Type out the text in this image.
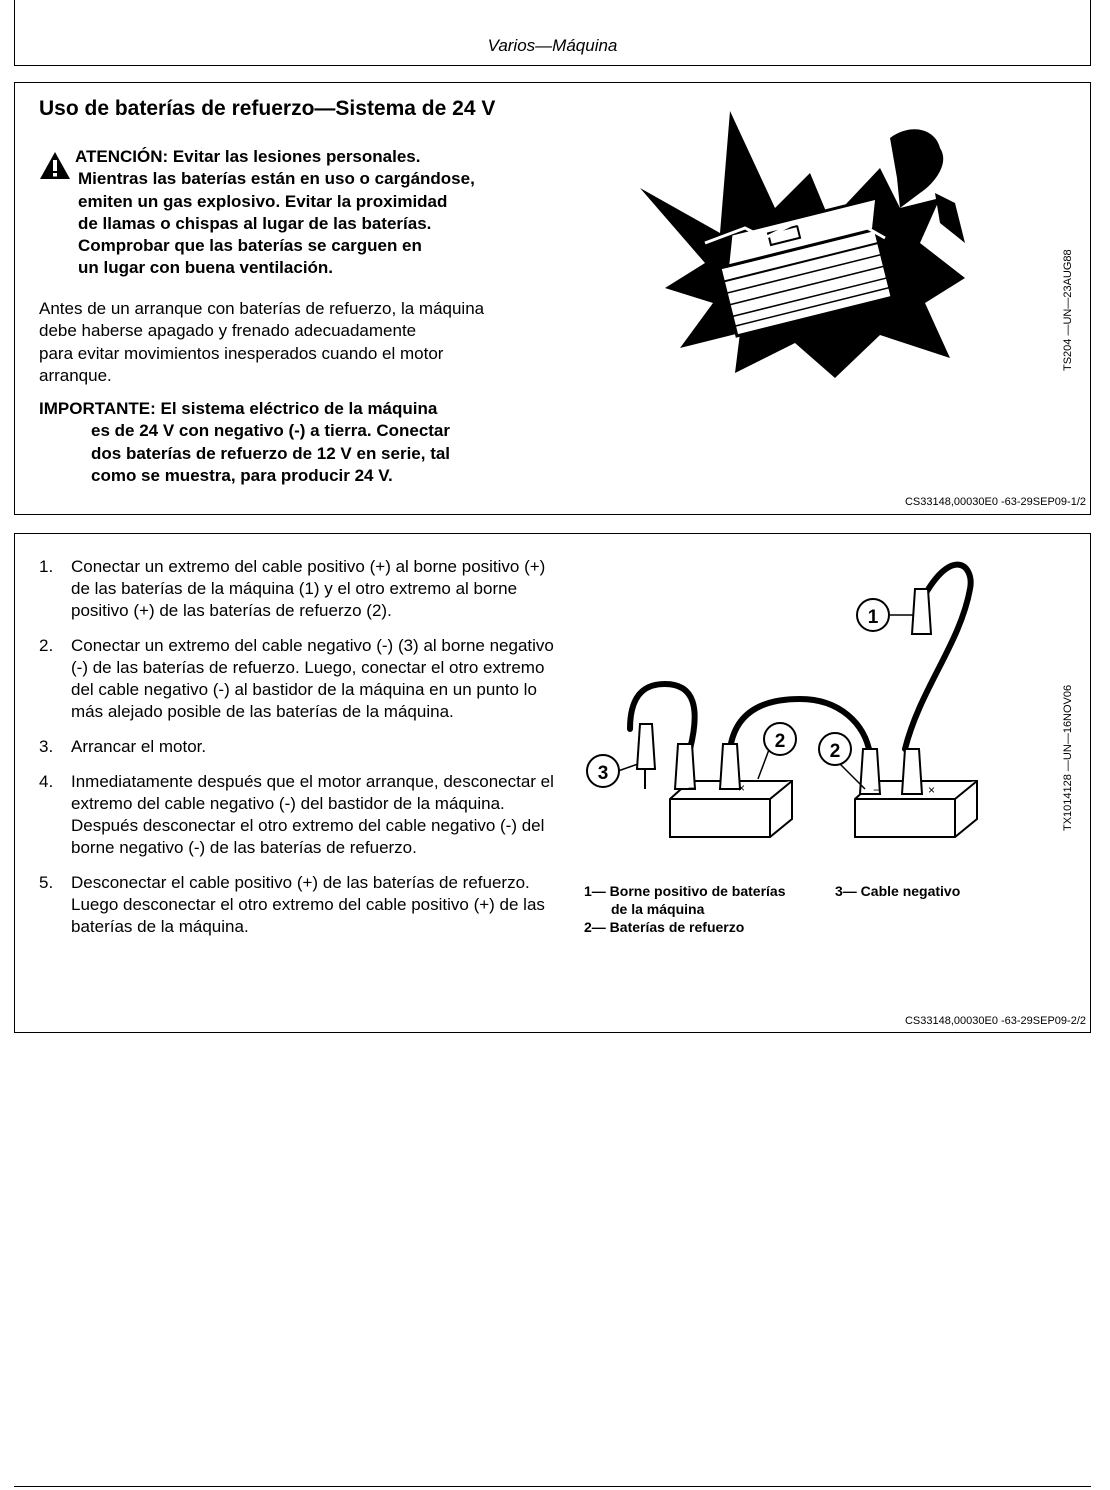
Varios—Máquina
Uso de baterías de refuerzo—Sistema de 24 V
ATENCIÓN: Evitar las lesiones personales.
Mientras las baterías están en uso o cargándose,
emiten un gas explosivo. Evitar la proximidad
de llamas o chispas al lugar de las baterías.
Comprobar que las baterías se carguen en
un lugar con buena ventilación.
Antes de un arranque con baterías de refuerzo, la máquina
debe haberse apagado y frenado adecuadamente
para evitar movimientos inesperados cuando el motor
arranque.
IMPORTANTE: El sistema eléctrico de la máquina
es de 24 V con negativo (-) a tierra. Conectar
dos baterías de refuerzo de 12 V en serie, tal
como se muestra, para producir 24 V.
TS204 —UN—23AUG88
CS33148,00030E0 -63-29SEP09-1/2
1. Conectar un extremo del cable positivo (+) al borne positivo (+) de las baterías de la máquina (1) y el otro extremo al borne positivo (+) de las baterías de refuerzo (2).
2. Conectar un extremo del cable negativo (-) (3) al borne negativo (-) de las baterías de refuerzo. Luego, conectar el otro extremo del cable negativo (-) al bastidor de la máquina en un punto lo más alejado posible de las baterías de la máquina.
3. Arrancar el motor.
4. Inmediatamente después que el motor arranque, desconectar el extremo del cable negativo (-) del bastidor de la máquina. Después desconectar el otro extremo del cable negativo (-) del borne negativo (-) de las baterías de refuerzo.
5. Desconectar el cable positivo (+) de las baterías de refuerzo. Luego desconectar el otro extremo del cable positivo (+) de las baterías de la máquina.
−	×	−	×
1
2 2
3	TX1014128 —UN—16NOV06
1— Borne positivo de baterías
de la máquina
2— Baterías de refuerzo
3— Cable negativo
CS33148,00030E0 -63-29SEP09-2/2
